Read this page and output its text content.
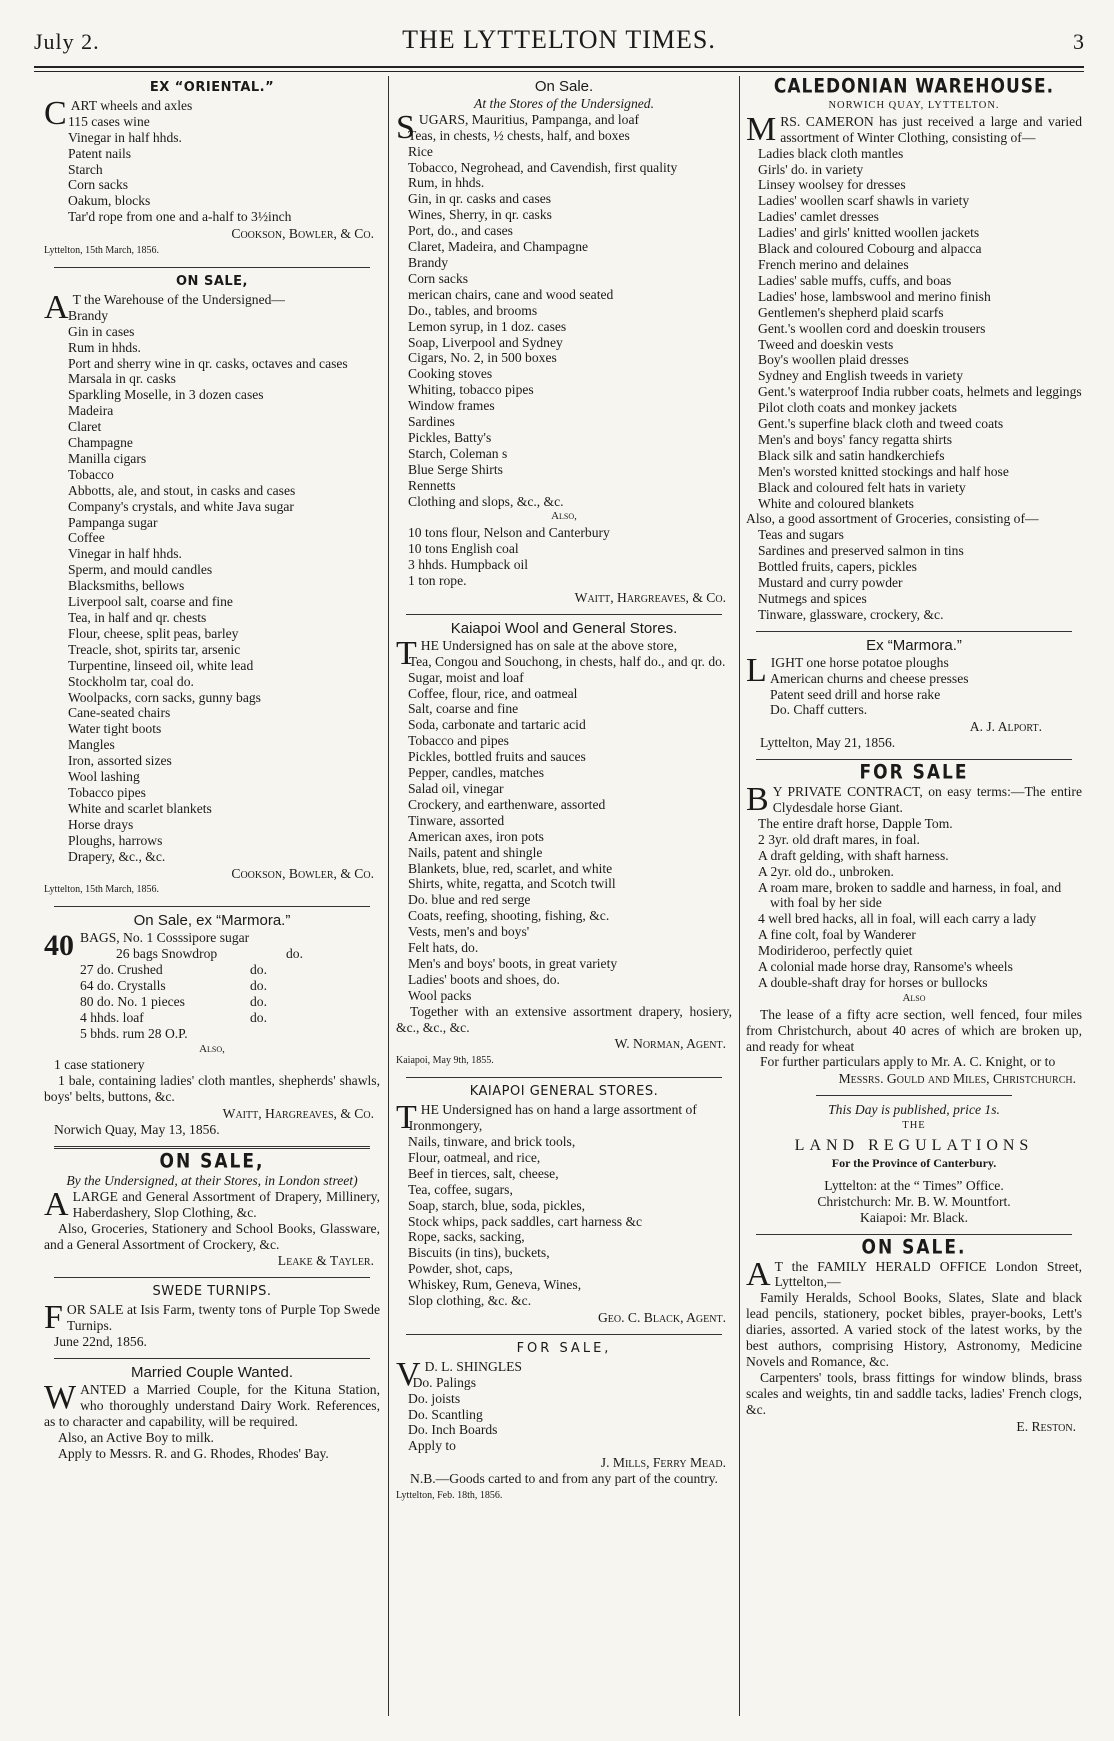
July 2.	THE LYTTELTON TIMES.	3
EX “ORIENTAL.”

CART wheels and axles

115 cases wine
Vinegar in half hhds.
Patent nails
Starch
Corn sacks
Oakum, blocks
Tar'd rope from one and a-half to 3½inch

Cookson, Bowler, & Co.

Lyttelton, 15th March, 1856.

ON SALE,

A T the Warehouse of the Undersigned—

Brandy
Gin in cases
Rum in hhds.
Port and sherry wine in qr. casks, octaves and cases
Marsala in qr. casks
Sparkling Moselle, in 3 dozen cases
Madeira
Claret
Champagne
Manilla cigars
Tobacco
Abbotts, ale, and stout, in casks and cases
Company's crystals, and white Java sugar
Pampanga sugar
Coffee
Vinegar in half hhds.
Sperm, and mould candles
Blacksmiths, bellows
Liverpool salt, coarse and fine
Tea, in half and qr. chests
Flour, cheese, split peas, barley
Treacle, shot, spirits tar, arsenic
Turpentine, linseed oil, white lead
Stockholm tar, coal do.
Woolpacks, corn sacks, gunny bags
Cane-seated chairs
Water tight boots
Mangles
Iron, assorted sizes
Wool lashing
Tobacco pipes
White and scarlet blankets
Horse drays
Ploughs, harrows
Drapery, &c., &c.

Cookson, Bowler, & Co.

Lyttelton, 15th March, 1856.

On Sale, ex “Marmora.”

40 BAGS, No. 1 Cosssipore sugar

26 bags Snowdrop	do.
27 do. Crushed	do.
64 do. Crystalls	do.
80 do. No. 1 pieces	do.
4 hhds. loaf	do.
5 bhds. rum 28 O.P.

Also,

1 case stationery

1 bale, containing ladies' cloth mantles, shepherds' shawls, boys' belts, buttons, &c.

Waitt, Hargreaves, & Co.

Norwich Quay, May 13, 1856.

ON SALE,

By the Undersigned, at their Stores, in London street)

ALARGE and General Assortment of Drapery, Millinery, Haberdashery, Slop Clothing, &c.

Also, Groceries, Stationery and School Books, Glassware, and a General Assortment of Crockery, &c.

Leake & Tayler.

SWEDE TURNIPS.

FOR SALE at Isis Farm, twenty tons of Purple Top Swede Turnips.

June 22nd, 1856.

Married Couple Wanted.

WANTED a Married Couple, for the Kituna Station, who thoroughly understand Dairy Work. References, as to character and capability, will be required.

Also, an Active Boy to milk.

Apply to Messrs. R. and G. Rhodes, Rhodes' Bay.

On Sale.

At the Stores of the Undersigned.

SUGARS, Mauritius, Pampanga, and loaf

Teas, in chests, ½ chests, half, and boxes
Rice
Tobacco, Negrohead, and Cavendish, first quality
Rum, in hhds.
Gin, in qr. casks and cases
Wines, Sherry, in qr. casks
Port, do., and cases
Claret, Madeira, and Champagne
Brandy
Corn sacks
merican chairs, cane and wood seated
Do., tables, and brooms
Lemon syrup, in 1 doz. cases
Soap, Liverpool and Sydney
Cigars, No. 2, in 500 boxes
Cooking stoves
Whiting, tobacco pipes
Window frames
Sardines
Pickles, Batty's
Starch, Coleman s
Blue Serge Shirts
Rennetts
Clothing and slops, &c., &c.

Also,

10 tons flour, Nelson and Canterbury
10 tons English coal
3 hhds. Humpback oil
1 ton rope.

Waitt, Hargreaves, & Co.

Kaiapoi Wool and General Stores.

THE Undersigned has on sale at the above store,

Tea, Congou and Souchong, in chests, half do., and qr. do.
Sugar, moist and loaf
Coffee, flour, rice, and oatmeal
Salt, coarse and fine
Soda, carbonate and tartaric acid
Tobacco and pipes
Pickles, bottled fruits and sauces
Pepper, candles, matches
Salad oil, vinegar
Crockery, and earthenware, assorted
Tinware, assorted
American axes, iron pots
Nails, patent and shingle
Blankets, blue, red, scarlet, and white
Shirts, white, regatta, and Scotch twill
Do. blue and red serge
Coats, reefing, shooting, fishing, &c.
Vests, men's and boys'
Felt hats, do.
Men's and boys' boots, in great variety
Ladies' boots and shoes, do.
Wool packs

Together with an extensive assortment drapery, hosiery, &c., &c., &c.

W. Norman, Agent.

Kaiapoi, May 9th, 1855.

KAIAPOI GENERAL STORES.

THE Undersigned has on hand a large assortment of

Ironmongery,
Nails, tinware, and brick tools,
Flour, oatmeal, and rice,
Beef in tierces, salt, cheese,
Tea, coffee, sugars,
Soap, starch, blue, soda, pickles,
Stock whips, pack saddles, cart harness &c
Rope, sacks, sacking,
Biscuits (in tins), buckets,
Powder, shot, caps,
Whiskey, Rum, Geneva, Wines,
Slop clothing, &c. &c.

Geo. C. Black, Agent.

FOR SALE,

V D. L. SHINGLES

Do. Palings
Do. joists
Do. Scantling
Do. Inch Boards
Apply to

J. Mills, Ferry Mead.

N.B.—Goods carted to and from any part of the country.

Lyttelton, Feb. 18th, 1856.

CALEDONIAN WAREHOUSE.

NORWICH QUAY, LYTTELTON.

MRS. CAMERON has just received a large and varied assortment of Winter Clothing, consisting of—

Ladies black cloth mantles
Girls' do. in variety
Linsey woolsey for dresses
Ladies' woollen scarf shawls in variety
Ladies' camlet dresses
Ladies' and girls' knitted woollen jackets
Black and coloured Cobourg and alpacca
French merino and delaines
Ladies' sable muffs, cuffs, and boas
Ladies' hose, lambswool and merino finish
Gentlemen's shepherd plaid scarfs
Gent.'s woollen cord and doeskin trousers
Tweed and doeskin vests
Boy's woollen plaid dresses
Sydney and English tweeds in variety
Gent.'s waterproof India rubber coats, helmets and leggings
Pilot cloth coats and monkey jackets
Gent.'s superfine black cloth and tweed coats
Men's and boys' fancy regatta shirts
Black silk and satin handkerchiefs
Men's worsted knitted stockings and half hose
Black and coloured felt hats in variety
White and coloured blankets

Also, a good assortment of Groceries, consisting of—

Teas and sugars
Sardines and preserved salmon in tins
Bottled fruits, capers, pickles
Mustard and curry powder
Nutmegs and spices
Tinware, glassware, crockery, &c.
Ex “Marmora.”

LIGHT one horse potatoe ploughs

American churns and cheese presses
Patent seed drill and horse rake
Do. Chaff cutters.

A. J. Alport.

Lyttelton, May 21, 1856.

FOR SALE

B Y PRIVATE CONTRACT, on easy terms:—The entire Clydesdale horse Giant.

The entire draft horse, Dapple Tom.
2 3yr. old draft mares, in foal.
A draft gelding, with shaft harness.
A 2yr. old do., unbroken.
A roam mare, broken to saddle and harness, in foal, and with foal by her side
4 well bred hacks, all in foal, will each carry a lady
A fine colt, foal by Wanderer
Modiriderоо, perfectly quiet
A colonial made horse dray, Ransome's wheels
A double-shaft dray for horses or bullocks

Also

The lease of a fifty acre section, well fenced, four miles from Christchurch, about 40 acres of which are broken up, and ready for wheat

For further particulars apply to Mr. A. C. Knight, or to

Messrs. Gould and Miles, Christchurch.

This Day is published, price 1s.

THE

LAND REGULATIONS

For the Province of Canterbury.

Lyttelton: at the “ Times” Office.

Christchurch: Mr. B. W. Mountfort.

Kaiapoi: Mr. Black.

ON SALE.

A T the FAMILY HERALD OFFICE London Street, Lyttelton,—

Family Heralds, School Books, Slates, Slate and black lead pencils, stationery, pocket bibles, prayer-books, Lett's diaries, assorted. A varied stock of the latest works, by the best authors, comprising History, Astronomy, Medicine Novels and Romance, &c.

Carpenters' tools, brass fittings for window blinds, brass scales and weights, tin and saddle tacks, ladies' French clogs, &c.

E. Reston.
